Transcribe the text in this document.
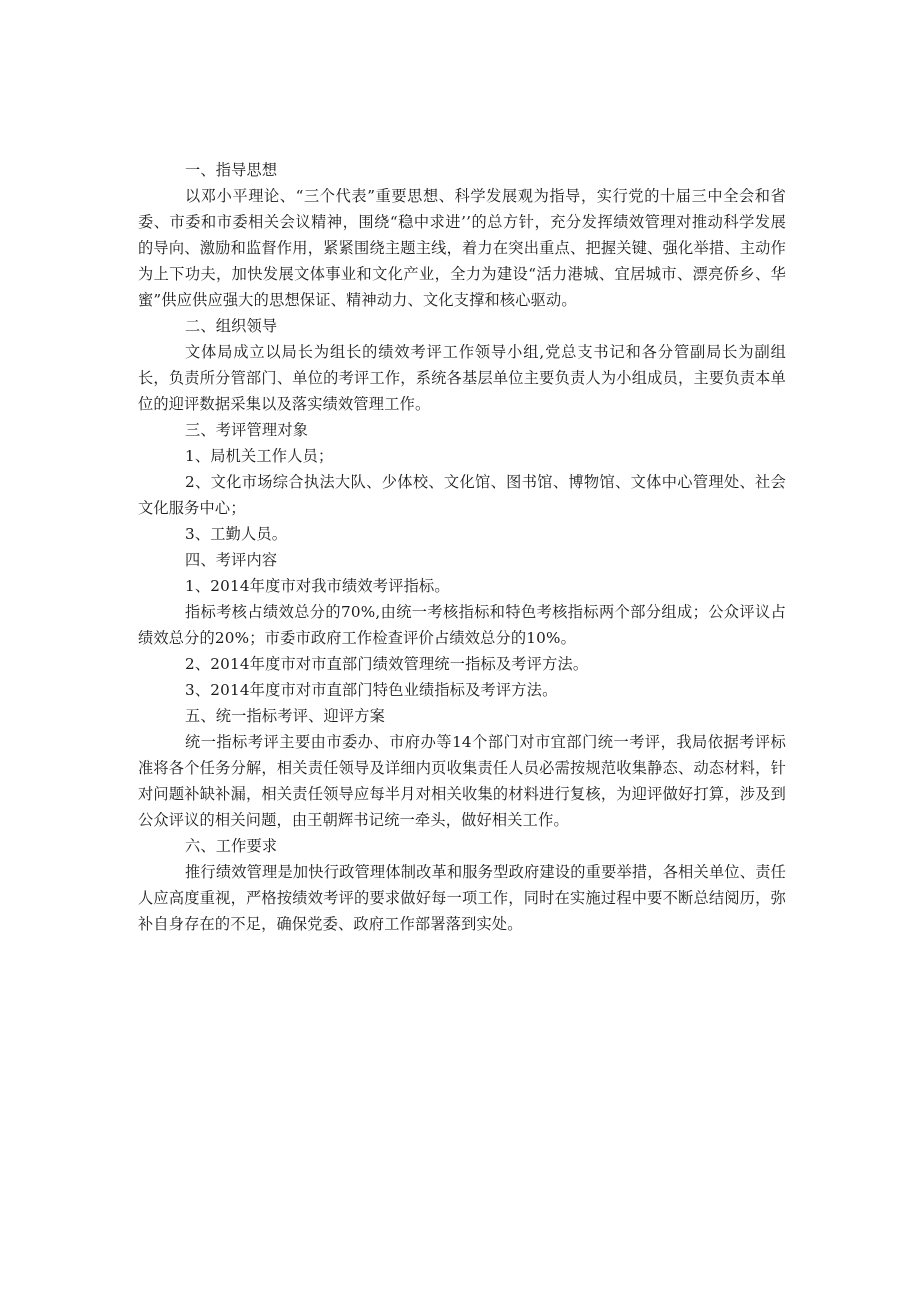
一、指导思想

以邓小平理论、“三个代表”重要思想、科学发展观为指导，实行党的十届三中全会和省委、市委和市委相关会议精神，围绕“稳中求进’’的总方针，充分发挥绩效管理对推动科学发展的导向、激励和监督作用，紧紧围绕主题主线，着力在突出重点、把握关键、强化举措、主动作为上下功夫，加快发展文体事业和文化产业，全力为建设“活力港城、宜居城市、漂亮侨乡、华蜜”供应供应强大的思想保证、精神动力、文化支撑和核心驱动。

二、组织领导

文体局成立以局长为组长的绩效考评工作领导小组,党总支书记和各分管副局长为副组长，负责所分管部门、单位的考评工作，系统各基层单位主要负责人为小组成员，主要负责本单位的迎评数据采集以及落实绩效管理工作。

三、考评管理对象

1、局机关工作人员；

2、文化市场综合执法大队、少体校、文化馆、图书馆、博物馆、文体中心管理处、社会文化服务中心；

3、工勤人员。

四、考评内容

1、2014年度市对我市绩效考评指标。

指标考核占绩效总分的70%,由统一考核指标和特色考核指标两个部分组成；公众评议占绩效总分的20%；市委市政府工作检查评价占绩效总分的10%。

2、2014年度市对市直部门绩效管理统一指标及考评方法。

3、2014年度市对市直部门特色业绩指标及考评方法。

五、统一指标考评、迎评方案

统一指标考评主要由市委办、市府办等14个部门对市宜部门统一考评，我局依据考评标准将各个任务分解，相关责任领导及详细内页收集责任人员必需按规范收集静态、动态材料，针对问题补缺补漏，相关责任领导应每半月对相关收集的材料进行复核，为迎评做好打算，涉及到公众评议的相关问题，由王朝辉书记统一牵头，做好相关工作。

六、工作要求

推行绩效管理是加快行政管理体制改革和服务型政府建设的重要举措，各相关单位、责任人应高度重视，严格按绩效考评的要求做好每一项工作，同时在实施过程中要不断总结阅历，弥补自身存在的不足，确保党委、政府工作部署落到实处。
